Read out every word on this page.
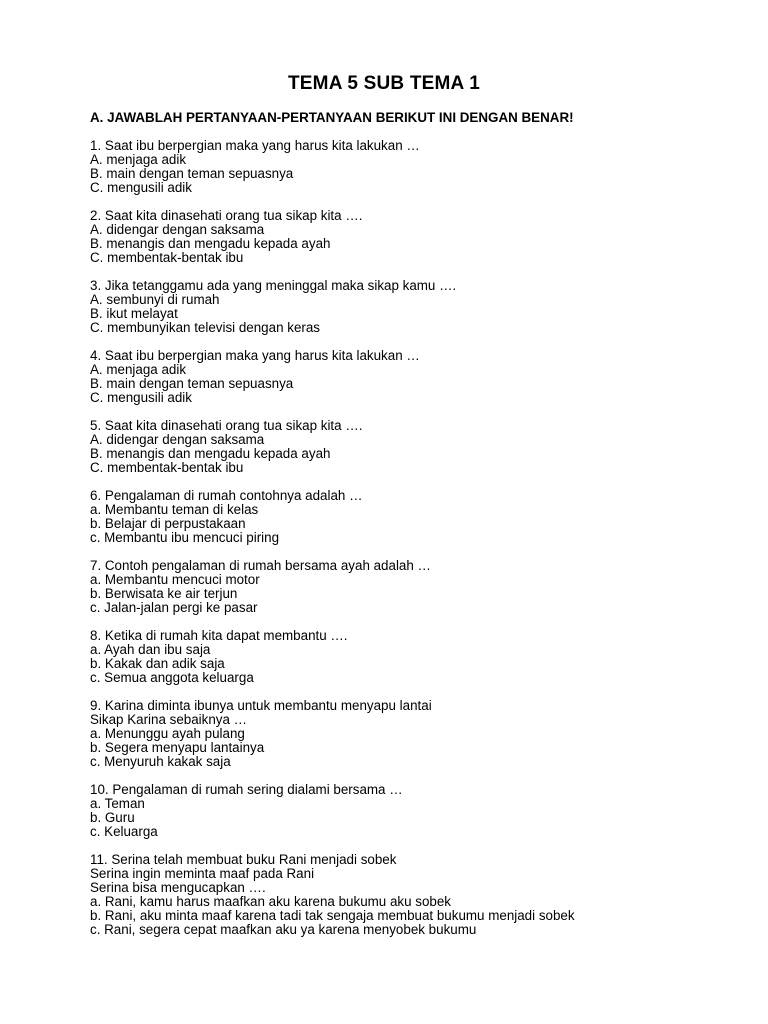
TEMA 5 SUB TEMA 1
A. JAWABLAH PERTANYAAN-PERTANYAAN BERIKUT INI DENGAN BENAR!
1. Saat ibu berpergian maka yang harus kita lakukan …
A. menjaga adik
B. main dengan teman sepuasnya
C. mengusili adik
2. Saat kita dinasehati orang tua sikap kita ….
A. didengar dengan saksama
B. menangis dan mengadu kepada ayah
C. membentak-bentak ibu
3. Jika tetanggamu ada yang meninggal maka sikap kamu ….
A. sembunyi di rumah
B. ikut melayat
C. membunyikan televisi dengan keras
4. Saat ibu berpergian maka yang harus kita lakukan …
A. menjaga adik
B. main dengan teman sepuasnya
C. mengusili adik
5. Saat kita dinasehati orang tua sikap kita ….
A. didengar dengan saksama
B. menangis dan mengadu kepada ayah
C. membentak-bentak ibu
6. Pengalaman di rumah contohnya adalah …
a. Membantu teman di kelas
b. Belajar di perpustakaan
c. Membantu ibu mencuci piring
7. Contoh pengalaman di rumah bersama ayah adalah …
a. Membantu mencuci motor
b. Berwisata ke air terjun
c. Jalan-jalan pergi ke pasar
8. Ketika di rumah kita dapat membantu ….
a. Ayah dan ibu saja
b. Kakak dan adik saja
c. Semua anggota keluarga
9. Karina diminta ibunya untuk membantu menyapu lantai
Sikap Karina sebaiknya …
a. Menunggu ayah pulang
b. Segera menyapu lantainya
c. Menyuruh kakak saja
10. Pengalaman di rumah sering dialami bersama …
a. Teman
b. Guru
c. Keluarga
11. Serina telah membuat buku Rani menjadi sobek
Serina ingin meminta maaf pada Rani
Serina bisa mengucapkan ….
a. Rani, kamu harus maafkan aku karena bukumu aku sobek
b. Rani, aku minta maaf karena tadi tak sengaja membuat bukumu menjadi sobek
c. Rani, segera cepat maafkan aku ya karena menyobek bukumu
